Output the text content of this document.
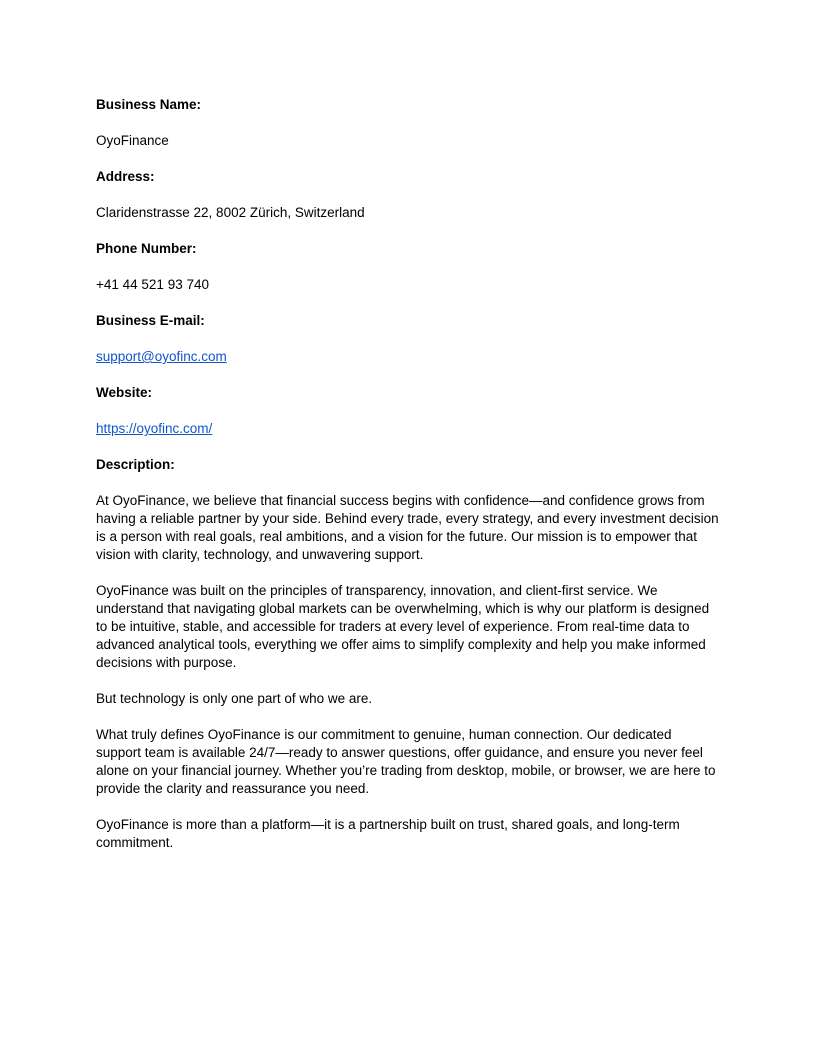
Business Name:
OyoFinance
Address:
Claridenstrasse 22, 8002 Zürich, Switzerland
Phone Number:
+41 44 521 93 740
Business E-mail:
support@oyofinc.com
Website:
https://oyofinc.com/
Description:

At OyoFinance, we believe that financial success begins with confidence—and confidence grows from having a reliable partner by your side. Behind every trade, every strategy, and every investment decision is a person with real goals, real ambitions, and a vision for the future. Our mission is to empower that vision with clarity, technology, and unwavering support.

OyoFinance was built on the principles of transparency, innovation, and client-first service. We understand that navigating global markets can be overwhelming, which is why our platform is designed to be intuitive, stable, and accessible for traders at every level of experience. From real-time data to advanced analytical tools, everything we offer aims to simplify complexity and help you make informed decisions with purpose.

But technology is only one part of who we are.

What truly defines OyoFinance is our commitment to genuine, human connection. Our dedicated support team is available 24/7—ready to answer questions, offer guidance, and ensure you never feel alone on your financial journey. Whether you’re trading from desktop, mobile, or browser, we are here to provide the clarity and reassurance you need.

OyoFinance is more than a platform—it is a partnership built on trust, shared goals, and long-term commitment.
